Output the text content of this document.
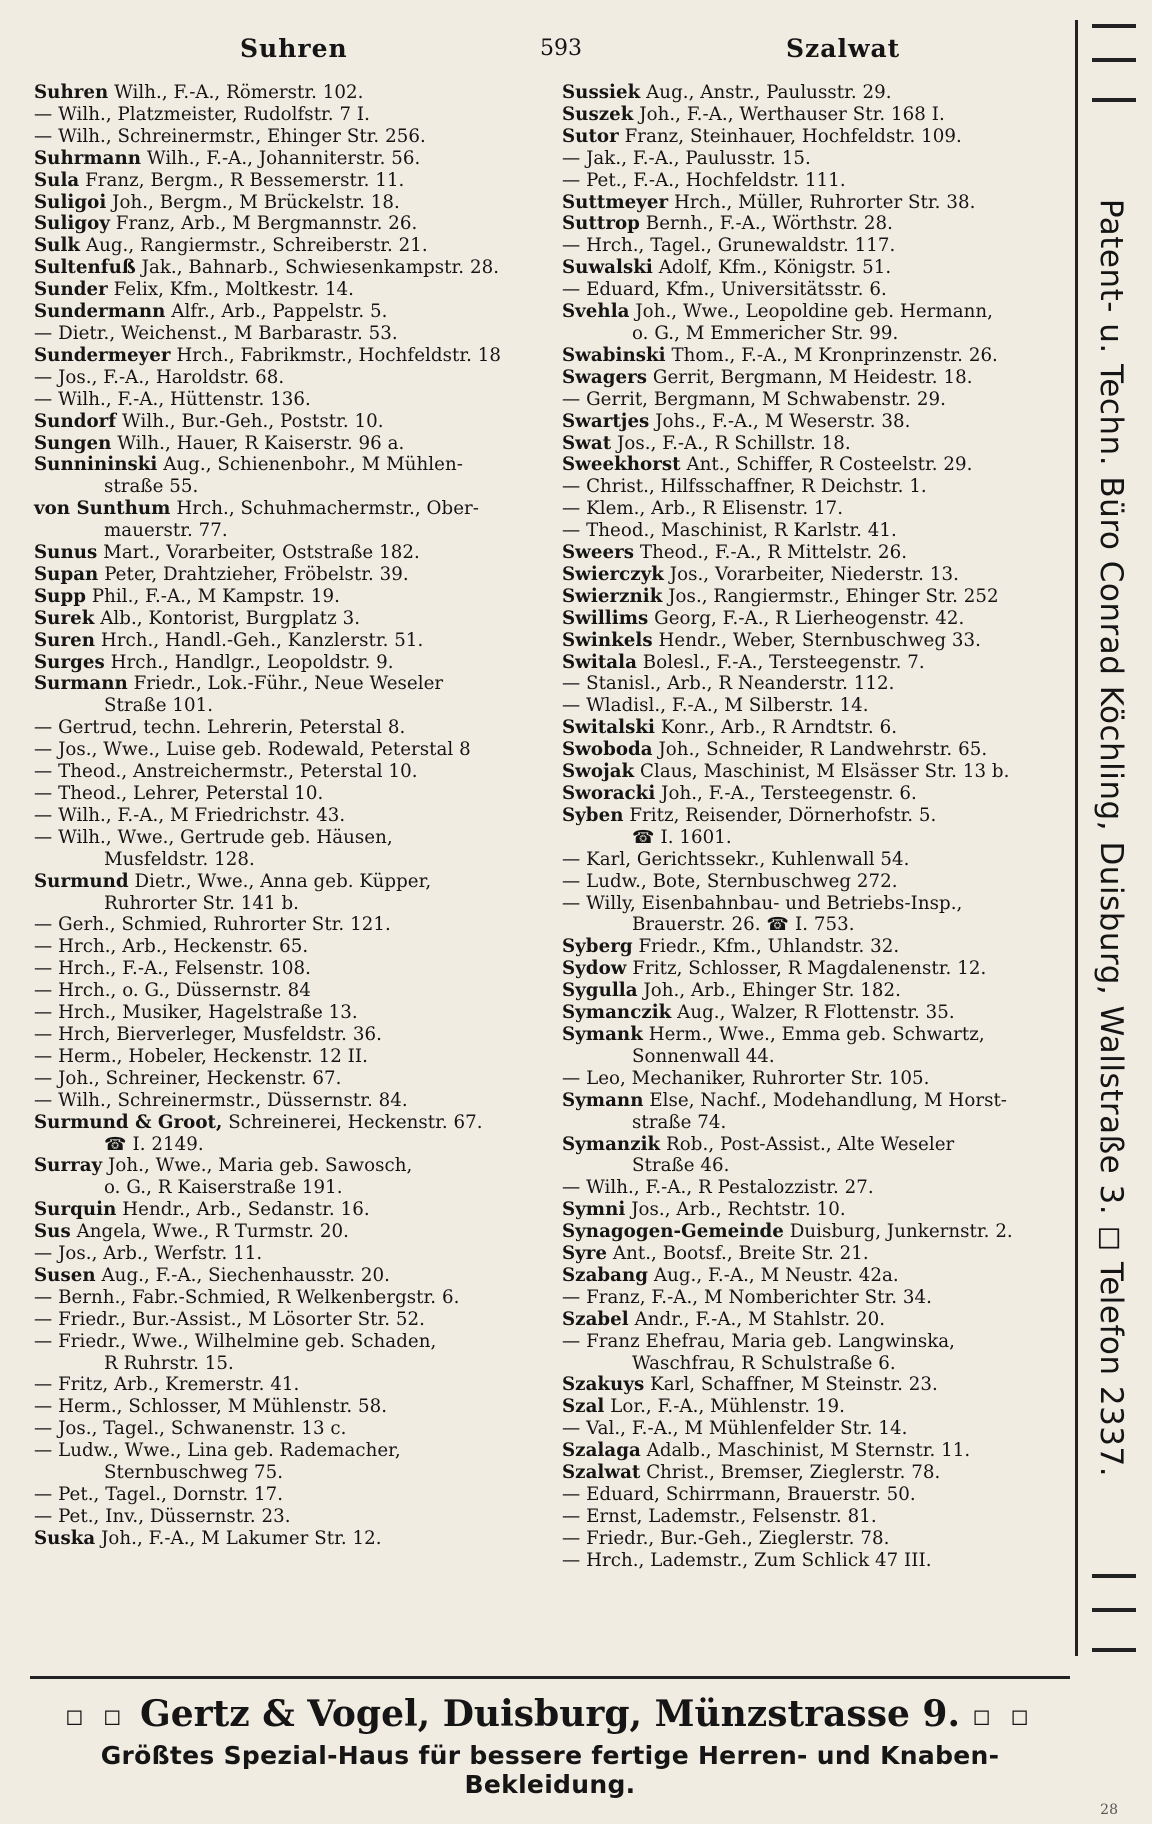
Suhren	593	Szalwat
Suhren Wilh., F.-A., Römerstr. 102.
— Wilh., Platzmeister, Rudolfstr. 7 I.
— Wilh., Schreinermstr., Ehinger Str. 256.
Suhrmann Wilh., F.-A., Johanniterstr. 56.
Sula Franz, Bergm., R Bessemerstr. 11.
Suligoi Joh., Bergm., M Brückelstr. 18.
Suligoy Franz, Arb., M Bergmannstr. 26.
Sulk Aug., Rangiermstr., Schreiberstr. 21.
Sultenfuß Jak., Bahnarb., Schwiesenkampstr. 28.
Sunder Felix, Kfm., Moltkestr. 14.
Sundermann Alfr., Arb., Pappelstr. 5.
— Dietr., Weichenst., M Barbarastr. 53.
Sundermeyer Hrch., Fabrikmstr., Hochfeldstr. 18
— Jos., F.-A., Haroldstr. 68.
— Wilh., F.-A., Hüttenstr. 136.
Sundorf Wilh., Bur.-Geh., Poststr. 10.
Sungen Wilh., Hauer, R Kaiserstr. 96 a.
Sunnininski Aug., Schienenbohr., M Mühlen-
straße 55.
von Sunthum Hrch., Schuhmachermstr., Ober-
mauerstr. 77.
Sunus Mart., Vorarbeiter, Oststraße 182.
Supan Peter, Drahtzieher, Fröbelstr. 39.
Supp Phil., F.-A., M Kampstr. 19.
Surek Alb., Kontorist, Burgplatz 3.
Suren Hrch., Handl.-Geh., Kanzlerstr. 51.
Surges Hrch., Handlgr., Leopoldstr. 9.
Surmann Friedr., Lok.-Führ., Neue Weseler
Straße 101.
— Gertrud, techn. Lehrerin, Peterstal 8.
— Jos., Wwe., Luise geb. Rodewald, Peterstal 8
— Theod., Anstreichermstr., Peterstal 10.
— Theod., Lehrer, Peterstal 10.
— Wilh., F.-A., M Friedrichstr. 43.
— Wilh., Wwe., Gertrude geb. Häusen,
Musfeldstr. 128.
Surmund Dietr., Wwe., Anna geb. Küpper,
Ruhrorter Str. 141 b.
— Gerh., Schmied, Ruhrorter Str. 121.
— Hrch., Arb., Heckenstr. 65.
— Hrch., F.-A., Felsenstr. 108.
— Hrch., o. G., Düssernstr. 84
— Hrch., Musiker, Hagelstraße 13.
— Hrch, Bierverleger, Musfeldstr. 36.
— Herm., Hobeler, Heckenstr. 12 II.
— Joh., Schreiner, Heckenstr. 67.
— Wilh., Schreinermstr., Düssernstr. 84.
Surmund & Groot, Schreinerei, Heckenstr. 67.
☎ I. 2149.
Surray Joh., Wwe., Maria geb. Sawosch,
o. G., R Kaiserstraße 191.
Surquin Hendr., Arb., Sedanstr. 16.
Sus Angela, Wwe., R Turmstr. 20.
— Jos., Arb., Werfstr. 11.
Susen Aug., F.-A., Siechenhausstr. 20.
— Bernh., Fabr.-Schmied, R Welkenbergstr. 6.
— Friedr., Bur.-Assist., M Lösorter Str. 52.
— Friedr., Wwe., Wilhelmine geb. Schaden,
R Ruhrstr. 15.
— Fritz, Arb., Kremerstr. 41.
— Herm., Schlosser, M Mühlenstr. 58.
— Jos., Tagel., Schwanenstr. 13 c.
— Ludw., Wwe., Lina geb. Rademacher,
Sternbuschweg 75.
— Pet., Tagel., Dornstr. 17.
— Pet., Inv., Düssernstr. 23.
Suska Joh., F.-A., M Lakumer Str. 12.
Sussiek Aug., Anstr., Paulusstr. 29.
Suszek Joh., F.-A., Werthauser Str. 168 I.
Sutor Franz, Steinhauer, Hochfeldstr. 109.
— Jak., F.-A., Paulusstr. 15.
— Pet., F.-A., Hochfeldstr. 111.
Suttmeyer Hrch., Müller, Ruhrorter Str. 38.
Suttrop Bernh., F.-A., Wörthstr. 28.
— Hrch., Tagel., Grunewaldstr. 117.
Suwalski Adolf, Kfm., Königstr. 51.
— Eduard, Kfm., Universitätsstr. 6.
Svehla Joh., Wwe., Leopoldine geb. Hermann,
o. G., M Emmericher Str. 99.
Swabinski Thom., F.-A., M Kronprinzenstr. 26.
Swagers Gerrit, Bergmann, M Heidestr. 18.
— Gerrit, Bergmann, M Schwabenstr. 29.
Swartjes Johs., F.-A., M Weserstr. 38.
Swat Jos., F.-A., R Schillstr. 18.
Sweekhorst Ant., Schiffer, R Costeelstr. 29.
— Christ., Hilfsschaffner, R Deichstr. 1.
— Klem., Arb., R Elisenstr. 17.
— Theod., Maschinist, R Karlstr. 41.
Sweers Theod., F.-A., R Mittelstr. 26.
Swierczyk Jos., Vorarbeiter, Niederstr. 13.
Swierznik Jos., Rangiermstr., Ehinger Str. 252
Swillims Georg, F.-A., R Lierheogenstr. 42.
Swinkels Hendr., Weber, Sternbuschweg 33.
Switala Bolesl., F.-A., Tersteegenstr. 7.
— Stanisl., Arb., R Neanderstr. 112.
— Wladisl., F.-A., M Silberstr. 14.
Switalski Konr., Arb., R Arndtstr. 6.
Swoboda Joh., Schneider, R Landwehrstr. 65.
Swojak Claus, Maschinist, M Elsässer Str. 13 b.
Sworacki Joh., F.-A., Tersteegenstr. 6.
Syben Fritz, Reisender, Dörnerhofstr. 5.
☎ I. 1601.
— Karl, Gerichtssekr., Kuhlenwall 54.
— Ludw., Bote, Sternbuschweg 272.
— Willy, Eisenbahnbau- und Betriebs-Insp.,
Brauerstr. 26. ☎ I. 753.
Syberg Friedr., Kfm., Uhlandstr. 32.
Sydow Fritz, Schlosser, R Magdalenenstr. 12.
Sygulla Joh., Arb., Ehinger Str. 182.
Symanczik Aug., Walzer, R Flottenstr. 35.
Symank Herm., Wwe., Emma geb. Schwartz,
Sonnenwall 44.
— Leo, Mechaniker, Ruhrorter Str. 105.
Symann Else, Nachf., Modehandlung, M Horst-
straße 74.
Symanzik Rob., Post-Assist., Alte Weseler
Straße 46.
— Wilh., F.-A., R Pestalozzistr. 27.
Symni Jos., Arb., Rechtstr. 10.
Synagogen-Gemeinde Duisburg, Junkernstr. 2.
Syre Ant., Bootsf., Breite Str. 21.
Szabang Aug., F.-A., M Neustr. 42a.
— Franz, F.-A., M Nomberichter Str. 34.
Szabel Andr., F.-A., M Stahlstr. 20.
— Franz Ehefrau, Maria geb. Langwinska,
Waschfrau, R Schulstraße 6.
Szakuys Karl, Schaffner, M Steinstr. 23.
Szal Lor., F.-A., Mühlenstr. 19.
— Val., F.-A., M Mühlenfelder Str. 14.
Szalaga Adalb., Maschinist, M Sternstr. 11.
Szalwat Christ., Bremser, Zieglerstr. 78.
— Eduard, Schirrmann, Brauerstr. 50.
— Ernst, Lademstr., Felsenstr. 81.
— Friedr., Bur.-Geh., Zieglerstr. 78.
— Hrch., Lademstr., Zum Schlick 47 III.
Patent- u. Techn. Büro Conrad Köchling, Duisburg, Wallstraße 3. ◻ Telefon 2337.
◻ ◻ Gertz & Vogel, Duisburg, Münzstrasse 9. ◻ ◻
Größtes Spezial-Haus für bessere fertige Herren- und Knaben-Bekleidung.
28
